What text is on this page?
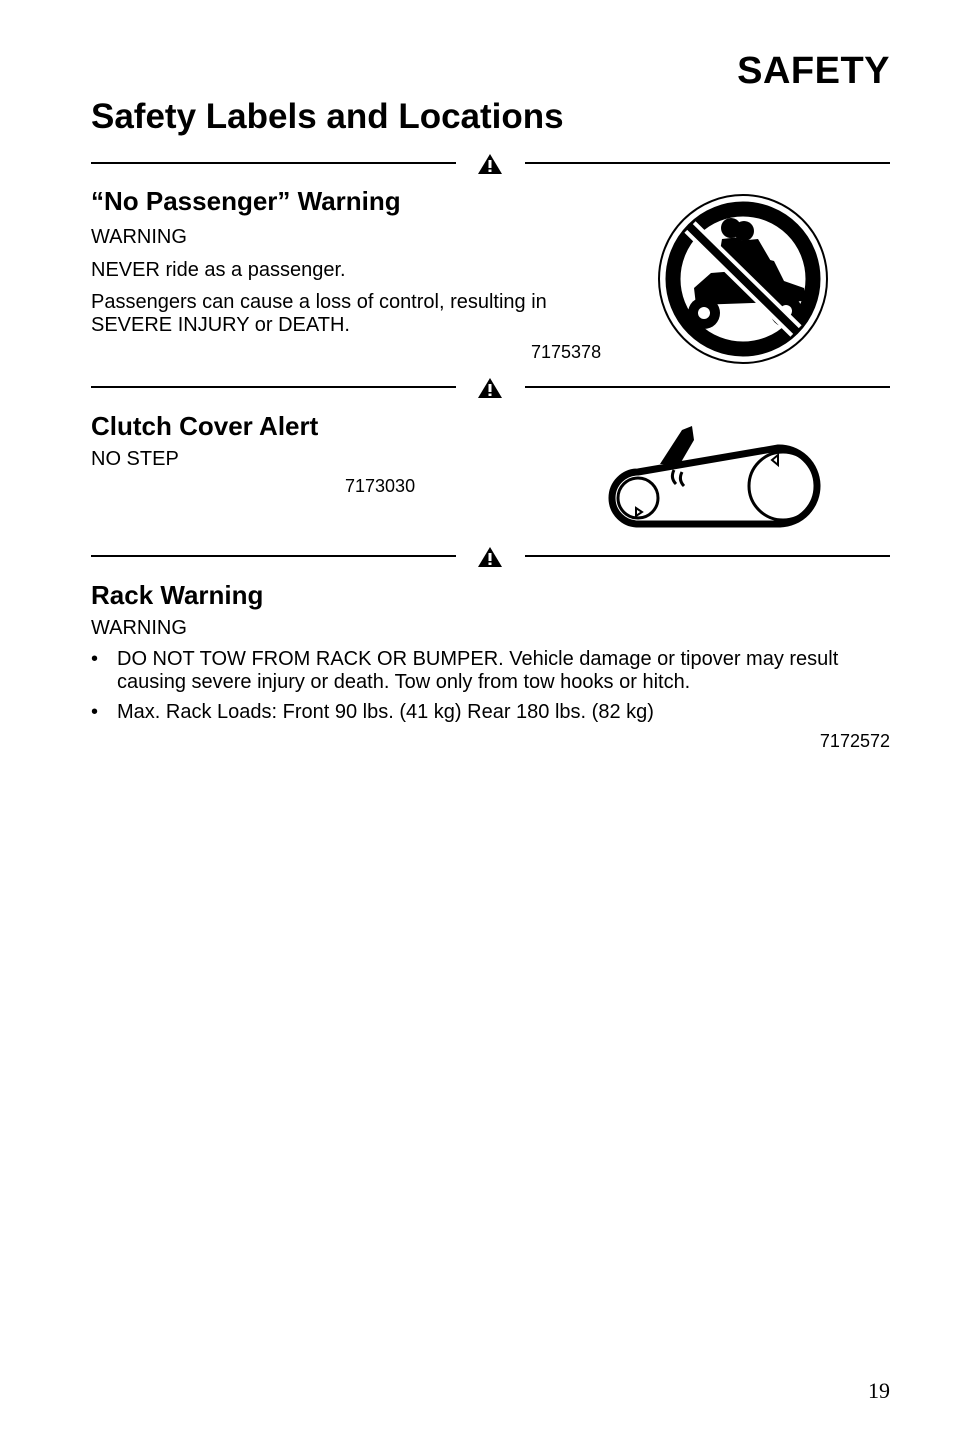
SAFETY
Safety Labels and Locations
“No Passenger” Warning
WARNING
NEVER ride as a passenger.
Passengers can cause a loss of control, resulting in SEVERE INJURY or DEATH.
7175378
Clutch Cover Alert
NO STEP
7173030
Rack Warning
WARNING
• DO NOT TOW FROM RACK OR BUMPER. Vehicle damage or tipover may result causing severe injury or death. Tow only from tow hooks or hitch.
• Max. Rack Loads: Front 90 lbs. (41 kg) Rear 180 lbs. (82 kg)
7172572
19
